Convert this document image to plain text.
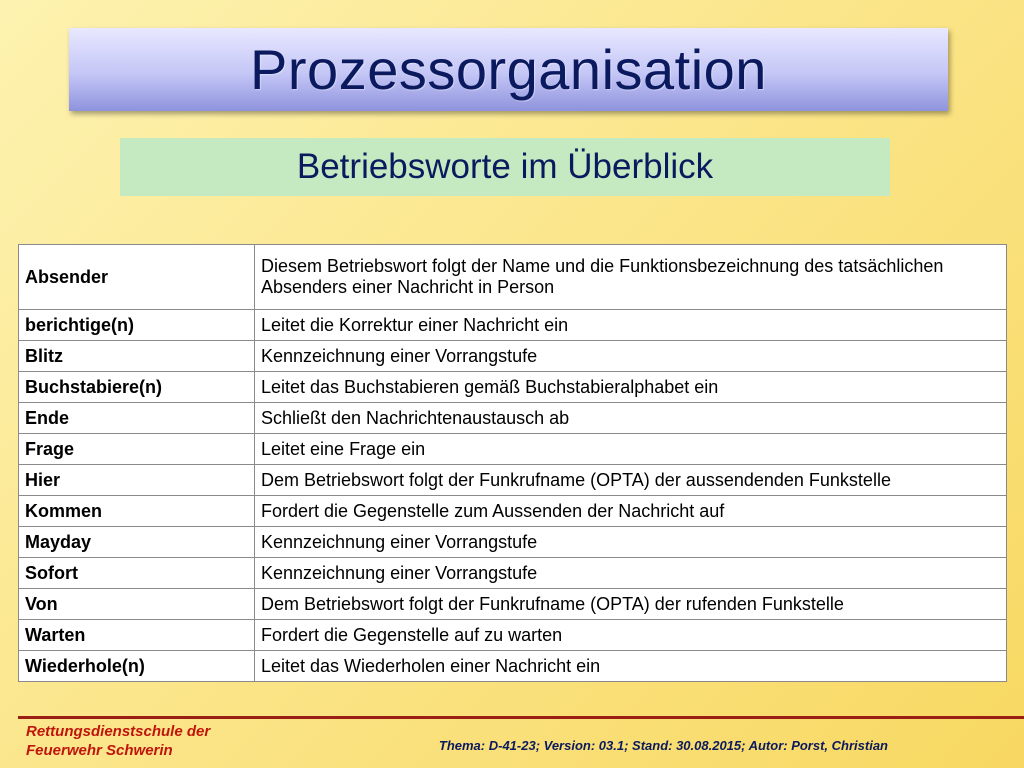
Prozessorganisation
Betriebsworte im Überblick
Absender	Diesem Betriebswort folgt der Name und die Funktionsbezeichnung des tatsächlichen Absenders einer Nachricht in Person
berichtige(n)	Leitet die Korrektur einer Nachricht ein
Blitz	Kennzeichnung einer Vorrangstufe
Buchstabiere(n)	Leitet das Buchstabieren gemäß Buchstabieralphabet ein
Ende	Schließt den Nachrichtenaustausch ab
Frage	Leitet eine Frage ein
Hier	Dem Betriebswort folgt der Funkrufname (OPTA) der aussendenden Funkstelle
Kommen	Fordert die Gegenstelle zum Aussenden der Nachricht auf
Mayday	Kennzeichnung einer Vorrangstufe
Sofort	Kennzeichnung einer Vorrangstufe
Von	Dem Betriebswort folgt der Funkrufname (OPTA) der rufenden Funkstelle
Warten	Fordert die Gegenstelle auf zu warten
Wiederhole(n)	Leitet das Wiederholen einer Nachricht ein
Rettungsdienstschule der
Feuerwehr Schwerin	Thema: D-41-23; Version: 03.1; Stand: 30.08.2015; Autor: Porst, Christian
